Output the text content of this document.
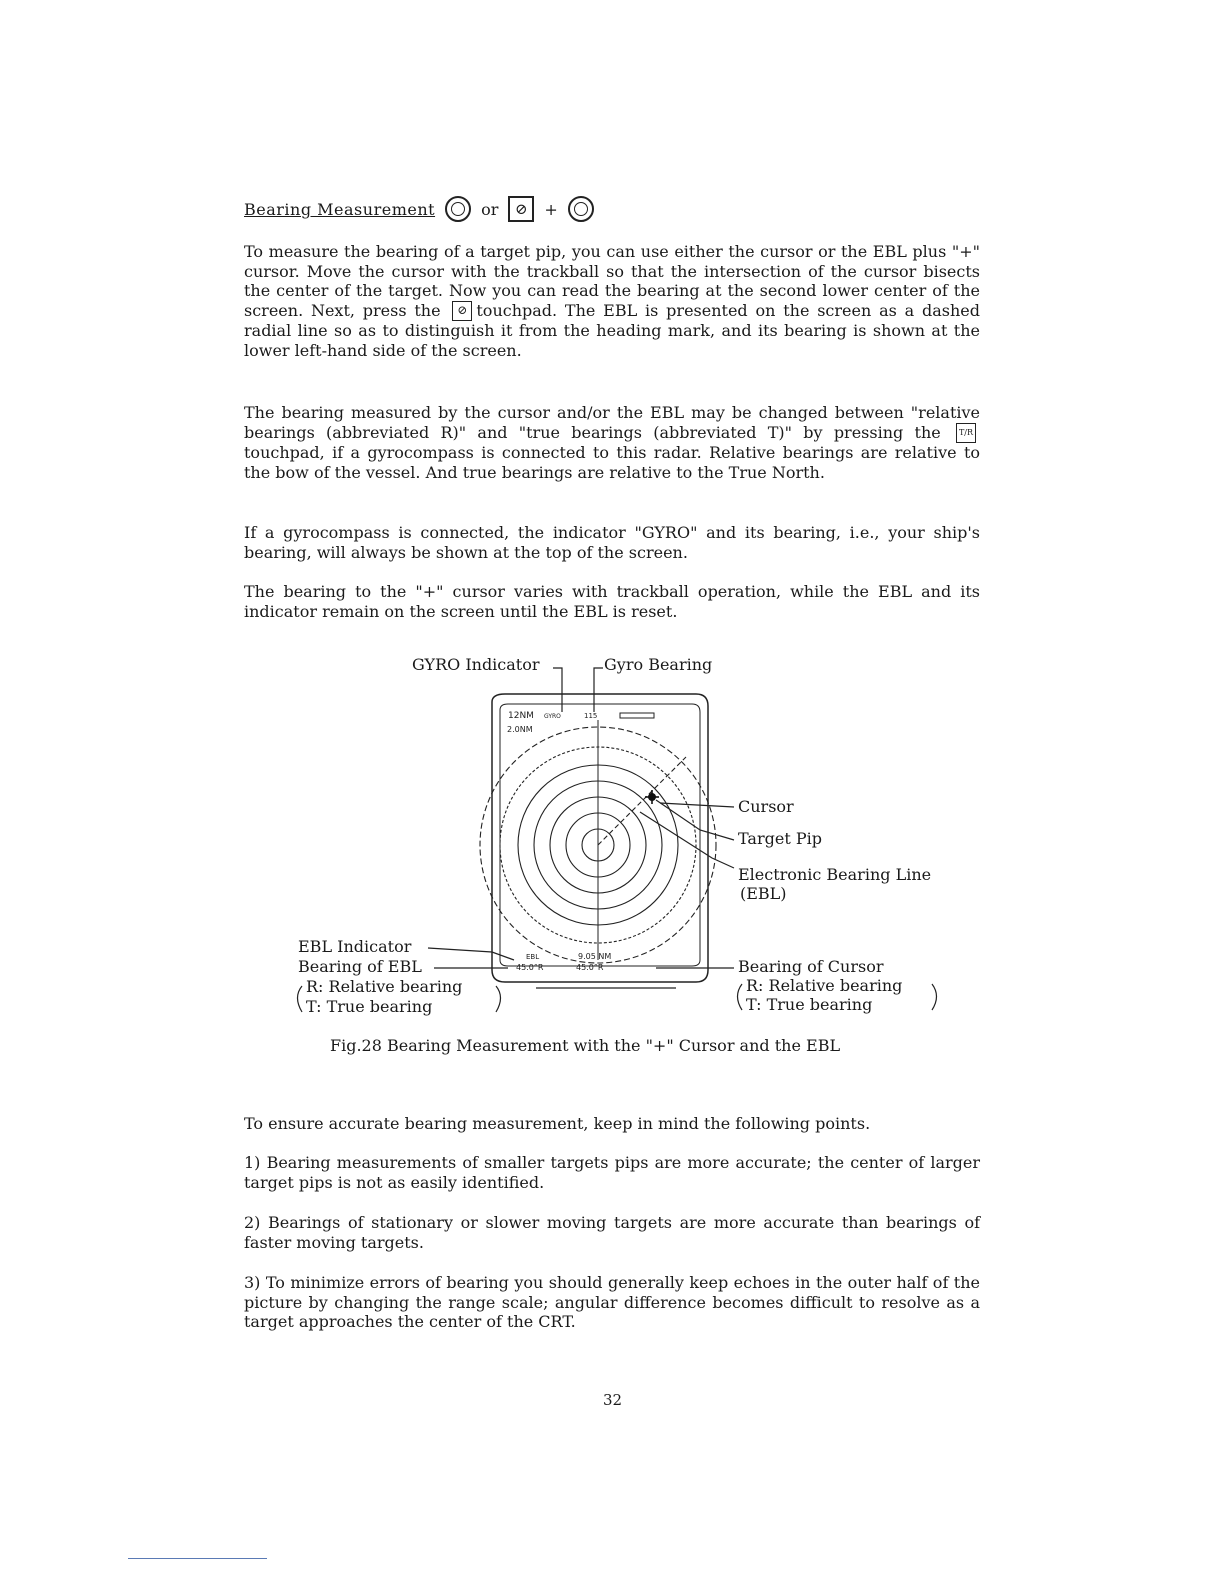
Bearing Measurement	or	⊘	+

To measure the bearing of a target pip, you can use either the cursor or the EBL plus "+" cursor. Move the cursor with the trackball so that the intersection of the cursor bisects the center of the target. Now you can read the bearing at the second lower center of the screen. Next, press the ⊘ touchpad. The EBL is presented on the screen as a dashed radial line so as to distinguish it from the heading mark, and its bearing is shown at the lower left-hand side of the screen.

The bearing measured by the cursor and/or the EBL may be changed between "relative bearings (abbreviated R)" and "true bearings (abbreviated T)" by pressing the T/Rtouchpad, if a gyrocompass is connected to this radar. Relative bearings are relative to the bow of the vessel. And true bearings are relative to the True North.

If a gyrocompass is connected, the indicator "GYRO" and its bearing, i.e., your ship's bearing, will always be shown at the top of the screen.

The bearing to the "+" cursor varies with trackball operation, while the EBL and its indicator remain on the screen until the EBL is reset.

12NM GYRO	115
2.0NM
EBL
45.0°R
9.05 NM
45.0°R
GYRO Indicator	Gyro Bearing
Cursor
Target Pip
Electronic Bearing Line
(EBL)
EBL Indicator
Bearing of EBL
R: Relative bearing
T: True bearing
Bearing of Cursor
R: Relative bearing
T: True bearing
Fig.28 Bearing Measurement with the "+" Cursor and the EBL

To ensure accurate bearing measurement, keep in mind the following points.

1) Bearing measurements of smaller targets pips are more accurate; the center of larger target pips is not as easily identified.

2) Bearings of stationary or slower moving targets are more accurate than bearings of faster moving targets.

3) To minimize errors of bearing you should generally keep echoes in the outer half of the picture by changing the range scale; angular difference becomes difficult to resolve as a target approaches the center of the CRT.

32
